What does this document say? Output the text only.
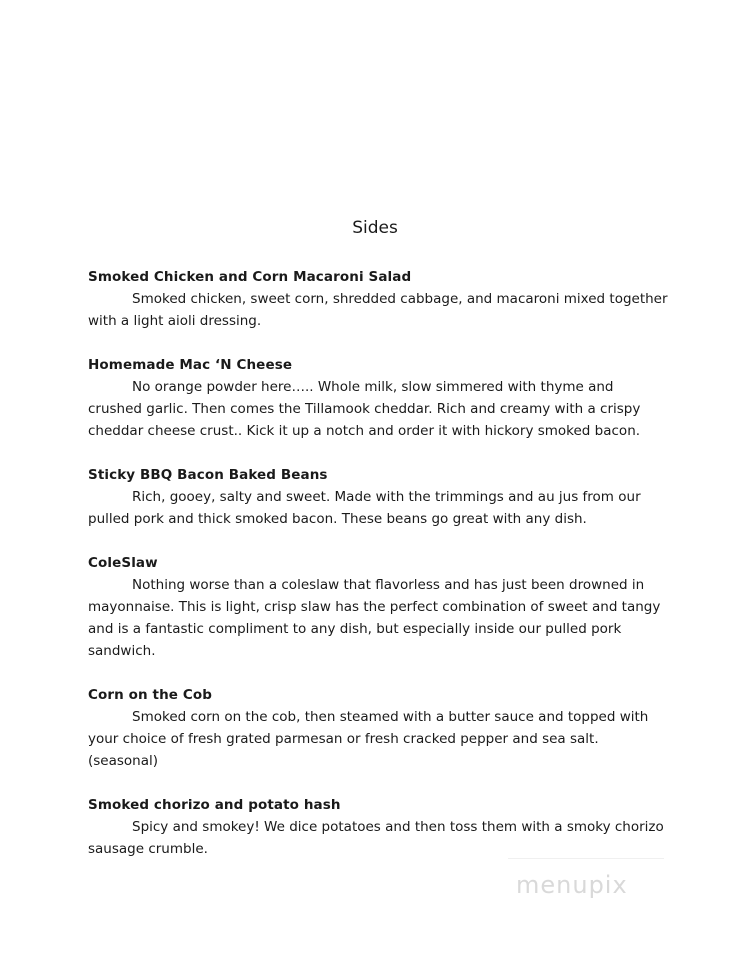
Sides
Smoked Chicken and Corn Macaroni Salad

Smoked chicken, sweet corn, shredded cabbage, and macaroni mixed together with a light aioli dressing.

Homemade Mac ‘N Cheese

No orange powder here….. Whole milk, slow simmered with thyme and crushed garlic. Then comes the Tillamook cheddar. Rich and creamy with a crispy cheddar cheese crust.. Kick it up a notch and order it with hickory smoked bacon.

Sticky BBQ Bacon Baked Beans

Rich, gooey, salty and sweet. Made with the trimmings and au jus from our pulled pork and thick smoked bacon. These beans go great with any dish.

ColeSlaw

Nothing worse than a coleslaw that flavorless and has just been drowned in mayonnaise. This is light, crisp slaw has the perfect combination of sweet and tangy and is a fantastic compliment to any dish, but especially inside our pulled pork sandwich.

Corn on the Cob

Smoked corn on the cob, then steamed with a butter sauce and topped with your choice of fresh grated parmesan or fresh cracked pepper and sea salt. (seasonal)

Smoked chorizo and potato hash

Spicy and smokey! We dice potatoes and then toss them with a smoky chorizo sausage crumble.

menupix
